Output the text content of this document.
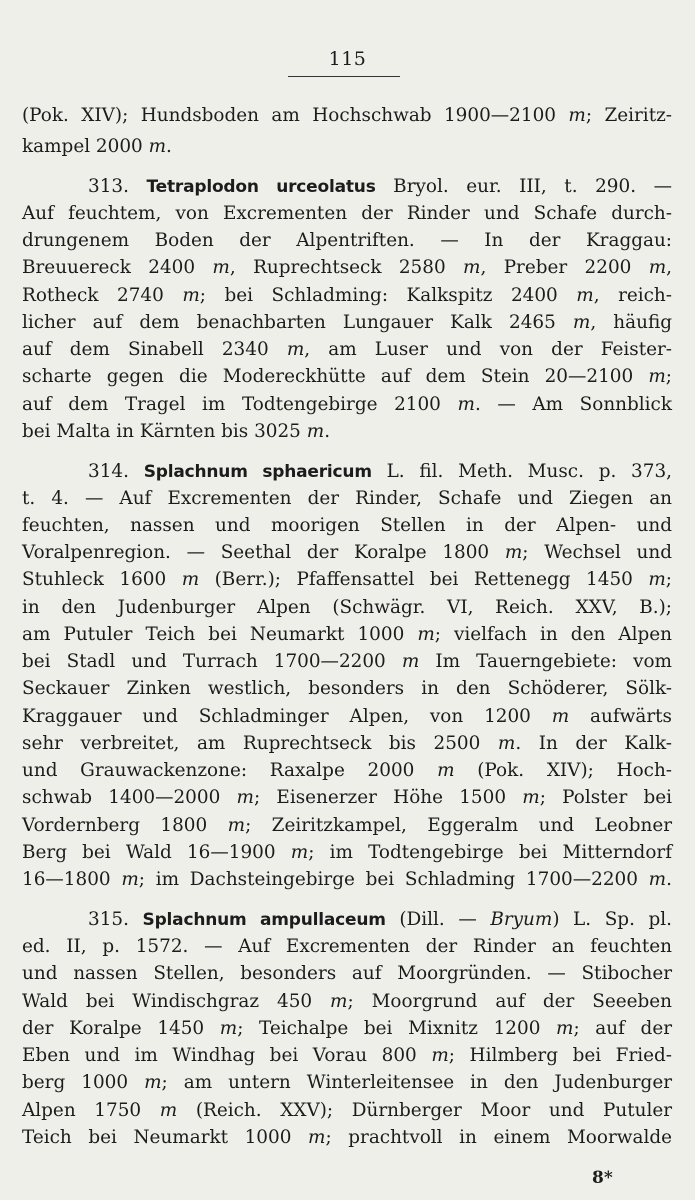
115
(Pok. XIV); Hundsboden am Hochschwab 1900—2100 m; Zeiritz-
kampel 2000 m.
313. Tetraplodon urceolatus Bryol. eur. III, t. 290. —
Auf feuchtem, von Excrementen der Rinder und Schafe durch-
drungenem Boden der Alpentriften. — In der Kraggau:
Breuuereck 2400 m, Ruprechtseck 2580 m, Preber 2200 m,
Rotheck 2740 m; bei Schladming: Kalkspitz 2400 m, reich-
licher auf dem benachbarten Lungauer Kalk 2465 m, häufig
auf dem Sinabell 2340 m, am Luser und von der Feister-
scharte gegen die Modereckhütte auf dem Stein 20—2100 m;
auf dem Tragel im Todtengebirge 2100 m. — Am Sonnblick
bei Malta in Kärnten bis 3025 m.
314. Splachnum sphaericum L. fil. Meth. Musc. p. 373,
t. 4. — Auf Excrementen der Rinder, Schafe und Ziegen an
feuchten, nassen und moorigen Stellen in der Alpen- und
Voralpenregion. — Seethal der Koralpe 1800 m; Wechsel und
Stuhleck 1600 m (Berr.); Pfaffensattel bei Rettenegg 1450 m;
in den Judenburger Alpen (Schwägr. VI, Reich. XXV, B.);
am Putuler Teich bei Neumarkt 1000 m; vielfach in den Alpen
bei Stadl und Turrach 1700—2200 m Im Tauerngebiete: vom
Seckauer Zinken westlich, besonders in den Schöderer, Sölk-
Kraggauer und Schladminger Alpen, von 1200 m aufwärts
sehr verbreitet, am Ruprechtseck bis 2500 m. In der Kalk-
und Grauwackenzone: Raxalpe 2000 m (Pok. XIV); Hoch-
schwab 1400—2000 m; Eisenerzer Höhe 1500 m; Polster bei
Vordernberg 1800 m; Zeiritzkampel, Eggeralm und Leobner
Berg bei Wald 16—1900 m; im Todtengebirge bei Mitterndorf
16—1800 m; im Dachsteingebirge bei Schladming 1700—2200 m.
315. Splachnum ampullaceum (Dill. — Bryum) L. Sp. pl.
ed. II, p. 1572. — Auf Excrementen der Rinder an feuchten
und nassen Stellen, besonders auf Moorgründen. — Stibocher
Wald bei Windischgraz 450 m; Moorgrund auf der Seeeben
der Koralpe 1450 m; Teichalpe bei Mixnitz 1200 m; auf der
Eben und im Windhag bei Vorau 800 m; Hilmberg bei Fried-
berg 1000 m; am untern Winterleitensee in den Judenburger
Alpen 1750 m (Reich. XXV); Dürnberger Moor und Putuler
Teich bei Neumarkt 1000 m; prachtvoll in einem Moorwalde
8*
